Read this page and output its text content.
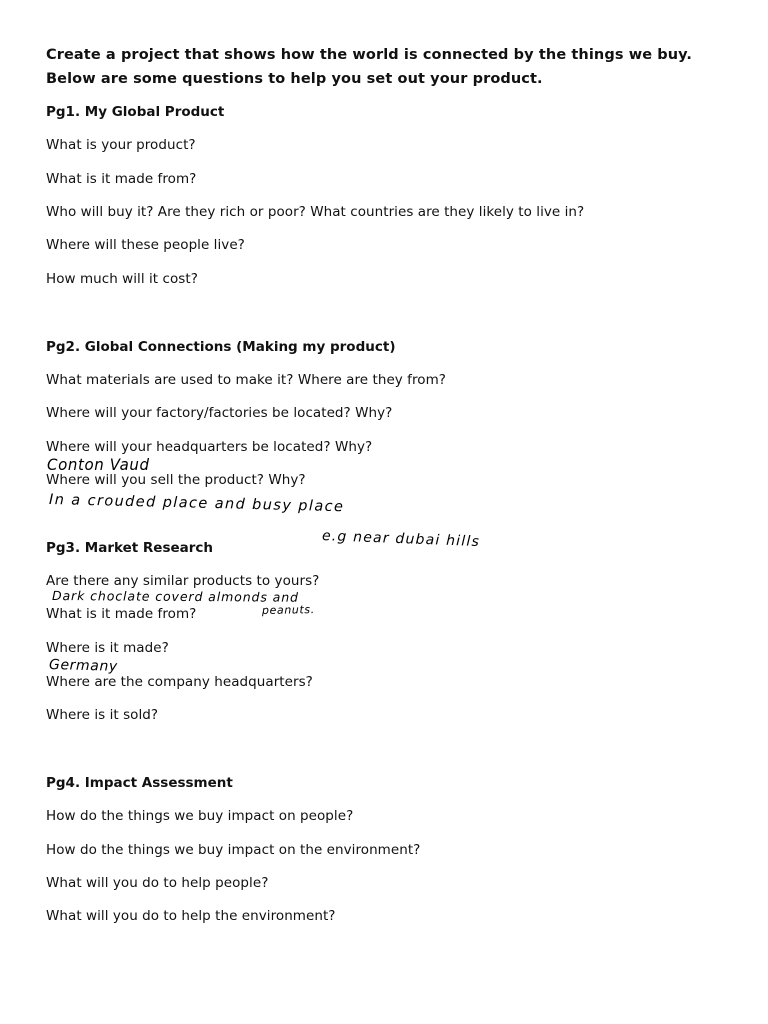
Create a project that shows how the world is connected by the things we buy. Below are some questions to help you set out your product.

Pg1. My Global Product

What is your product?

What is it made from?

Who will buy it? Are they rich or poor? What countries are they likely to live in?

Where will these people live?

How much will it cost?

Pg2. Global Connections (Making my product)

What materials are used to make it? Where are they from?

Where will your factory/factories be located? Why?

Where will your headquarters be located? Why?

Conton Vaud

Where will you sell the product? Why?

In a crouded place and busy place

e.g near dubai hills

Pg3. Market Research

Are there any similar products to yours?

Dark choclate coverd almonds and

What is it made from?	peanuts.

Where is it made?

Germany

Where are the company headquarters?

Where is it sold?

Pg4. Impact Assessment

How do the things we buy impact on people?

How do the things we buy impact on the environment?

What will you do to help people?

What will you do to help the environment?
